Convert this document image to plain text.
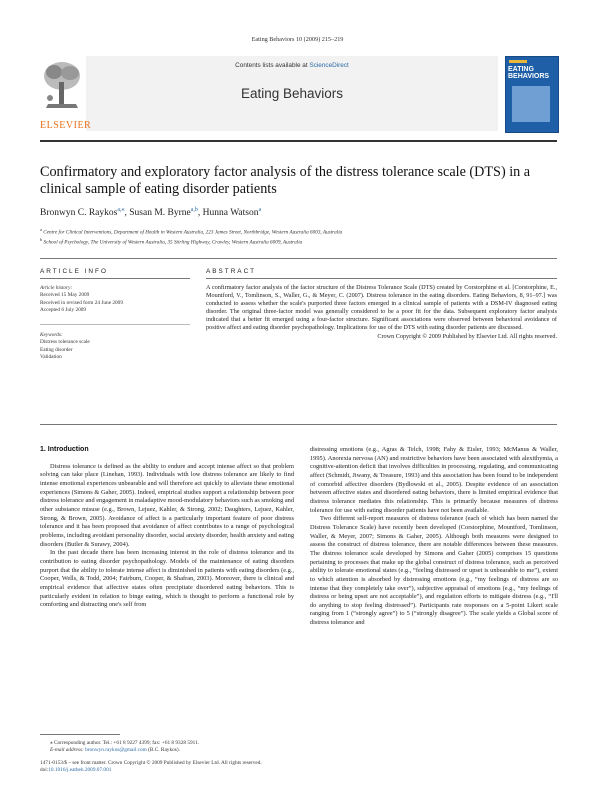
Eating Behaviors 10 (2009) 215–219
Contents lists available at ScienceDirect
Eating Behaviors
ELSEVIER
EATING BEHAVIORS
Confirmatory and exploratory factor analysis of the distress tolerance scale (DTS) in a clinical sample of eating disorder patients
Bronwyn C. Raykos$^{a,⁎}$, Susan M. Byrne$^{a,b}$, Hunna Watson$^a$
$^a$ Centre for Clinical Interventions, Department of Health in Western Australia, 223 James Street, Northbridge, Western Australia 6003, Australia
$^b$ School of Psychology, The University of Western Australia, 35 Stirling Highway, Crawley, Western Australia 6009, Australia
ARTICLE INFO
Article history:
Received 15 May 2009
Received in revised form 24 June 2009
Accepted 6 July 2009
Keywords:
Distress tolerance scale
Eating disorder
Validation
ABSTRACT
A confirmatory factor analysis of the factor structure of the Distress Tolerance Scale (DTS) created by Corstorphine et al. [Corstorphine, E., Mountford, V., Tomlinson, S., Waller, G., & Meyer, C. (2007). Distress tolerance in the eating disorders. Eating Behaviors, 8, 91–97.] was conducted to assess whether the scale's purported three factors emerged in a clinical sample of patients with a DSM-IV diagnosed eating disorder. The original three-factor model was generally considered to be a poor fit for the data. Subsequent exploratory factor analysis indicated that a better fit emerged using a four-factor structure. Significant associations were observed between behavioral avoidance of positive affect and eating disorder psychopathology. Implications for use of the DTS with eating disorder patients are discussed.
Crown Copyright © 2009 Published by Elsevier Ltd. All rights reserved.
1. Introduction

Distress tolerance is defined as the ability to endure and accept intense affect so that problem solving can take place (Linehan, 1993). Individuals with low distress tolerance are likely to find intense emotional experiences unbearable and will therefore act quickly to alleviate these emotional experiences (Simons & Gaher, 2005). Indeed, empirical studies support a relationship between poor distress tolerance and engagement in maladaptive mood-modulatory behaviors such as smoking and other substance misuse (e.g., Brown, Lejuez, Kahler, & Strong, 2002; Daughters, Lejuez, Kahler, Strong, & Brown, 2005). Avoidance of affect is a particularly important feature of poor distress tolerance and it has been proposed that avoidance of affect contributes to a range of psychological problems, including avoidant personality disorder, social anxiety disorder, health anxiety and eating disorders (Butler & Surawy, 2004).

In the past decade there has been increasing interest in the role of distress tolerance and its contribution to eating disorder psychopathology. Models of the maintenance of eating disorders purport that the ability to tolerate intense affect is diminished in patients with eating disorders (e.g., Cooper, Wells, & Todd, 2004; Fairburn, Cooper, & Shafran, 2003). Moreover, there is clinical and empirical evidence that affective states often precipitate disordered eating behaviors. This is particularly evident in relation to binge eating, which is thought to perform a functional role by comforting and distracting one's self from

distressing emotions (e.g., Agras & Telch, 1998; Fahy & Eisler, 1993; McManus & Waller, 1995). Anorexia nervosa (AN) and restrictive behaviors have been associated with alexithymia, a cognitive-attention deficit that involves difficulties in processing, regulating, and communicating affect (Schmidt, Jiwany, & Treasure, 1993) and this association has been found to be independent of comorbid affective disorders (Bydlowski et al., 2005). Despite evidence of an association between affective states and disordered eating behaviors, there is limited empirical evidence that distress tolerance mediates this relationship. This is primarily because measures of distress tolerance for use with eating disorder patients have not been available.

Two different self-report measures of distress tolerance (each of which has been named the Distress Tolerance Scale) have recently been developed (Corstorphine, Mountford, Tomlinson, Waller, & Meyer, 2007; Simons & Gaher, 2005). Although both measures were designed to assess the construct of distress tolerance, there are notable differences between these measures. The distress tolerance scale developed by Simons and Gaher (2005) comprises 15 questions pertaining to processes that make up the global construct of distress tolerance, such as perceived ability to tolerate emotional states (e.g., “feeling distressed or upset is unbearable to me”), extent to which attention is absorbed by distressing emotions (e.g., “my feelings of distress are so intense that they completely take over”), subjective appraisal of emotions (e.g., “my feelings of distress or being upset are not acceptable”), and regulation efforts to mitigate distress (e.g., “I'll do anything to stop feeling distressed”). Participants rate responses on a 5-point Likert scale ranging from 1 (“strongly agree”) to 5 (“strongly disagree”). The scale yields a Global score of distress tolerance and

⁎ Corresponding author. Tel.: +61 8 9227 4399; fax: +61 8 9328 5911.
E-mail address: bronwyn.raykos@gmail.com (B.C. Raykos).
1471-0153/$ – see front matter. Crown Copyright © 2009 Published by Elsevier Ltd. All rights reserved.
doi:10.1016/j.eatbeh.2009.07.001
